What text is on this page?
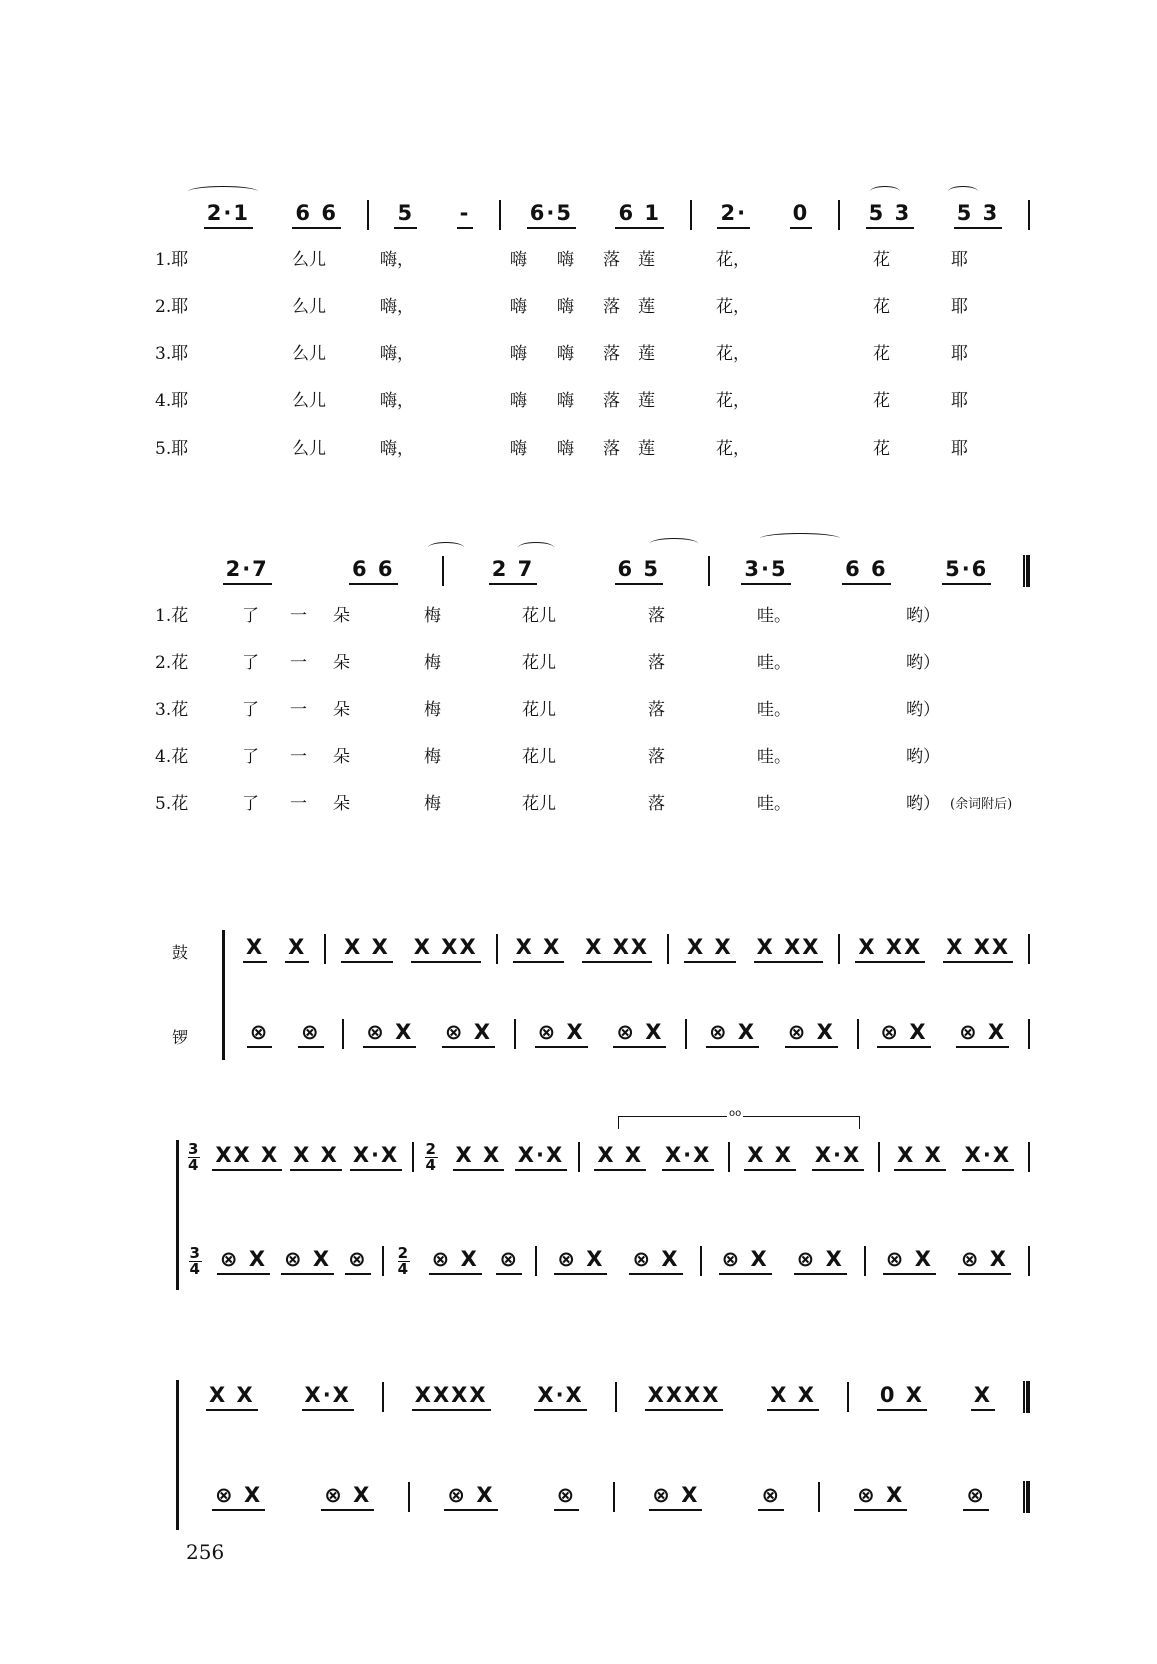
2·1 6 6	5 -	6·5 6 1	2· 0	5 3 5 3
1.耶	么儿	嗨，	嗨 嗨 落 莲	花，	花	耶
2.耶	么儿	嗨，	嗨 嗨 落 莲	花，	花	耶
3.耶	么儿	嗨，	嗨 嗨 落 莲	花，	花	耶
4.耶	么儿	嗨，	嗨 嗨 落 莲	花，	花	耶
5.耶	么儿	嗨，	嗨 嗨 落 莲	花，	花	耶
2·7	6 6	2 7	6 5	3·5	6 6	5·6
1.花	了 一 朵	梅	花儿	落	哇。	哟）
2.花	了 一 朵	梅	花儿	落	哇。	哟）
3.花	了 一 朵	梅	花儿	落	哇。	哟）
4.花	了 一 朵	梅	花儿	落	哇。	哟）
5.花	了 一 朵	梅	花儿	落	哇。	哟） (余词附后)
鼓
锣
oo
X X X X X XX X X X XX X X X XX X XX X XX
⊗ ⊗ ⊗ X ⊗ X ⊗ X ⊗ X ⊗ X ⊗ X ⊗ X ⊗ X
3
4 XX X X X X·X 2
4 X X X·X X X X·X X X X·X X X X·X
3
4 ⊗ X ⊗ X ⊗ 2
4 ⊗ X ⊗ ⊗ X ⊗ X ⊗ X ⊗ X ⊗ X ⊗ X
X X X·X	XXXX X·X	XXXX X X	0 X X
⊗ X	⊗ X	⊗ X	⊗	⊗ X	⊗	⊗ X	⊗
256
